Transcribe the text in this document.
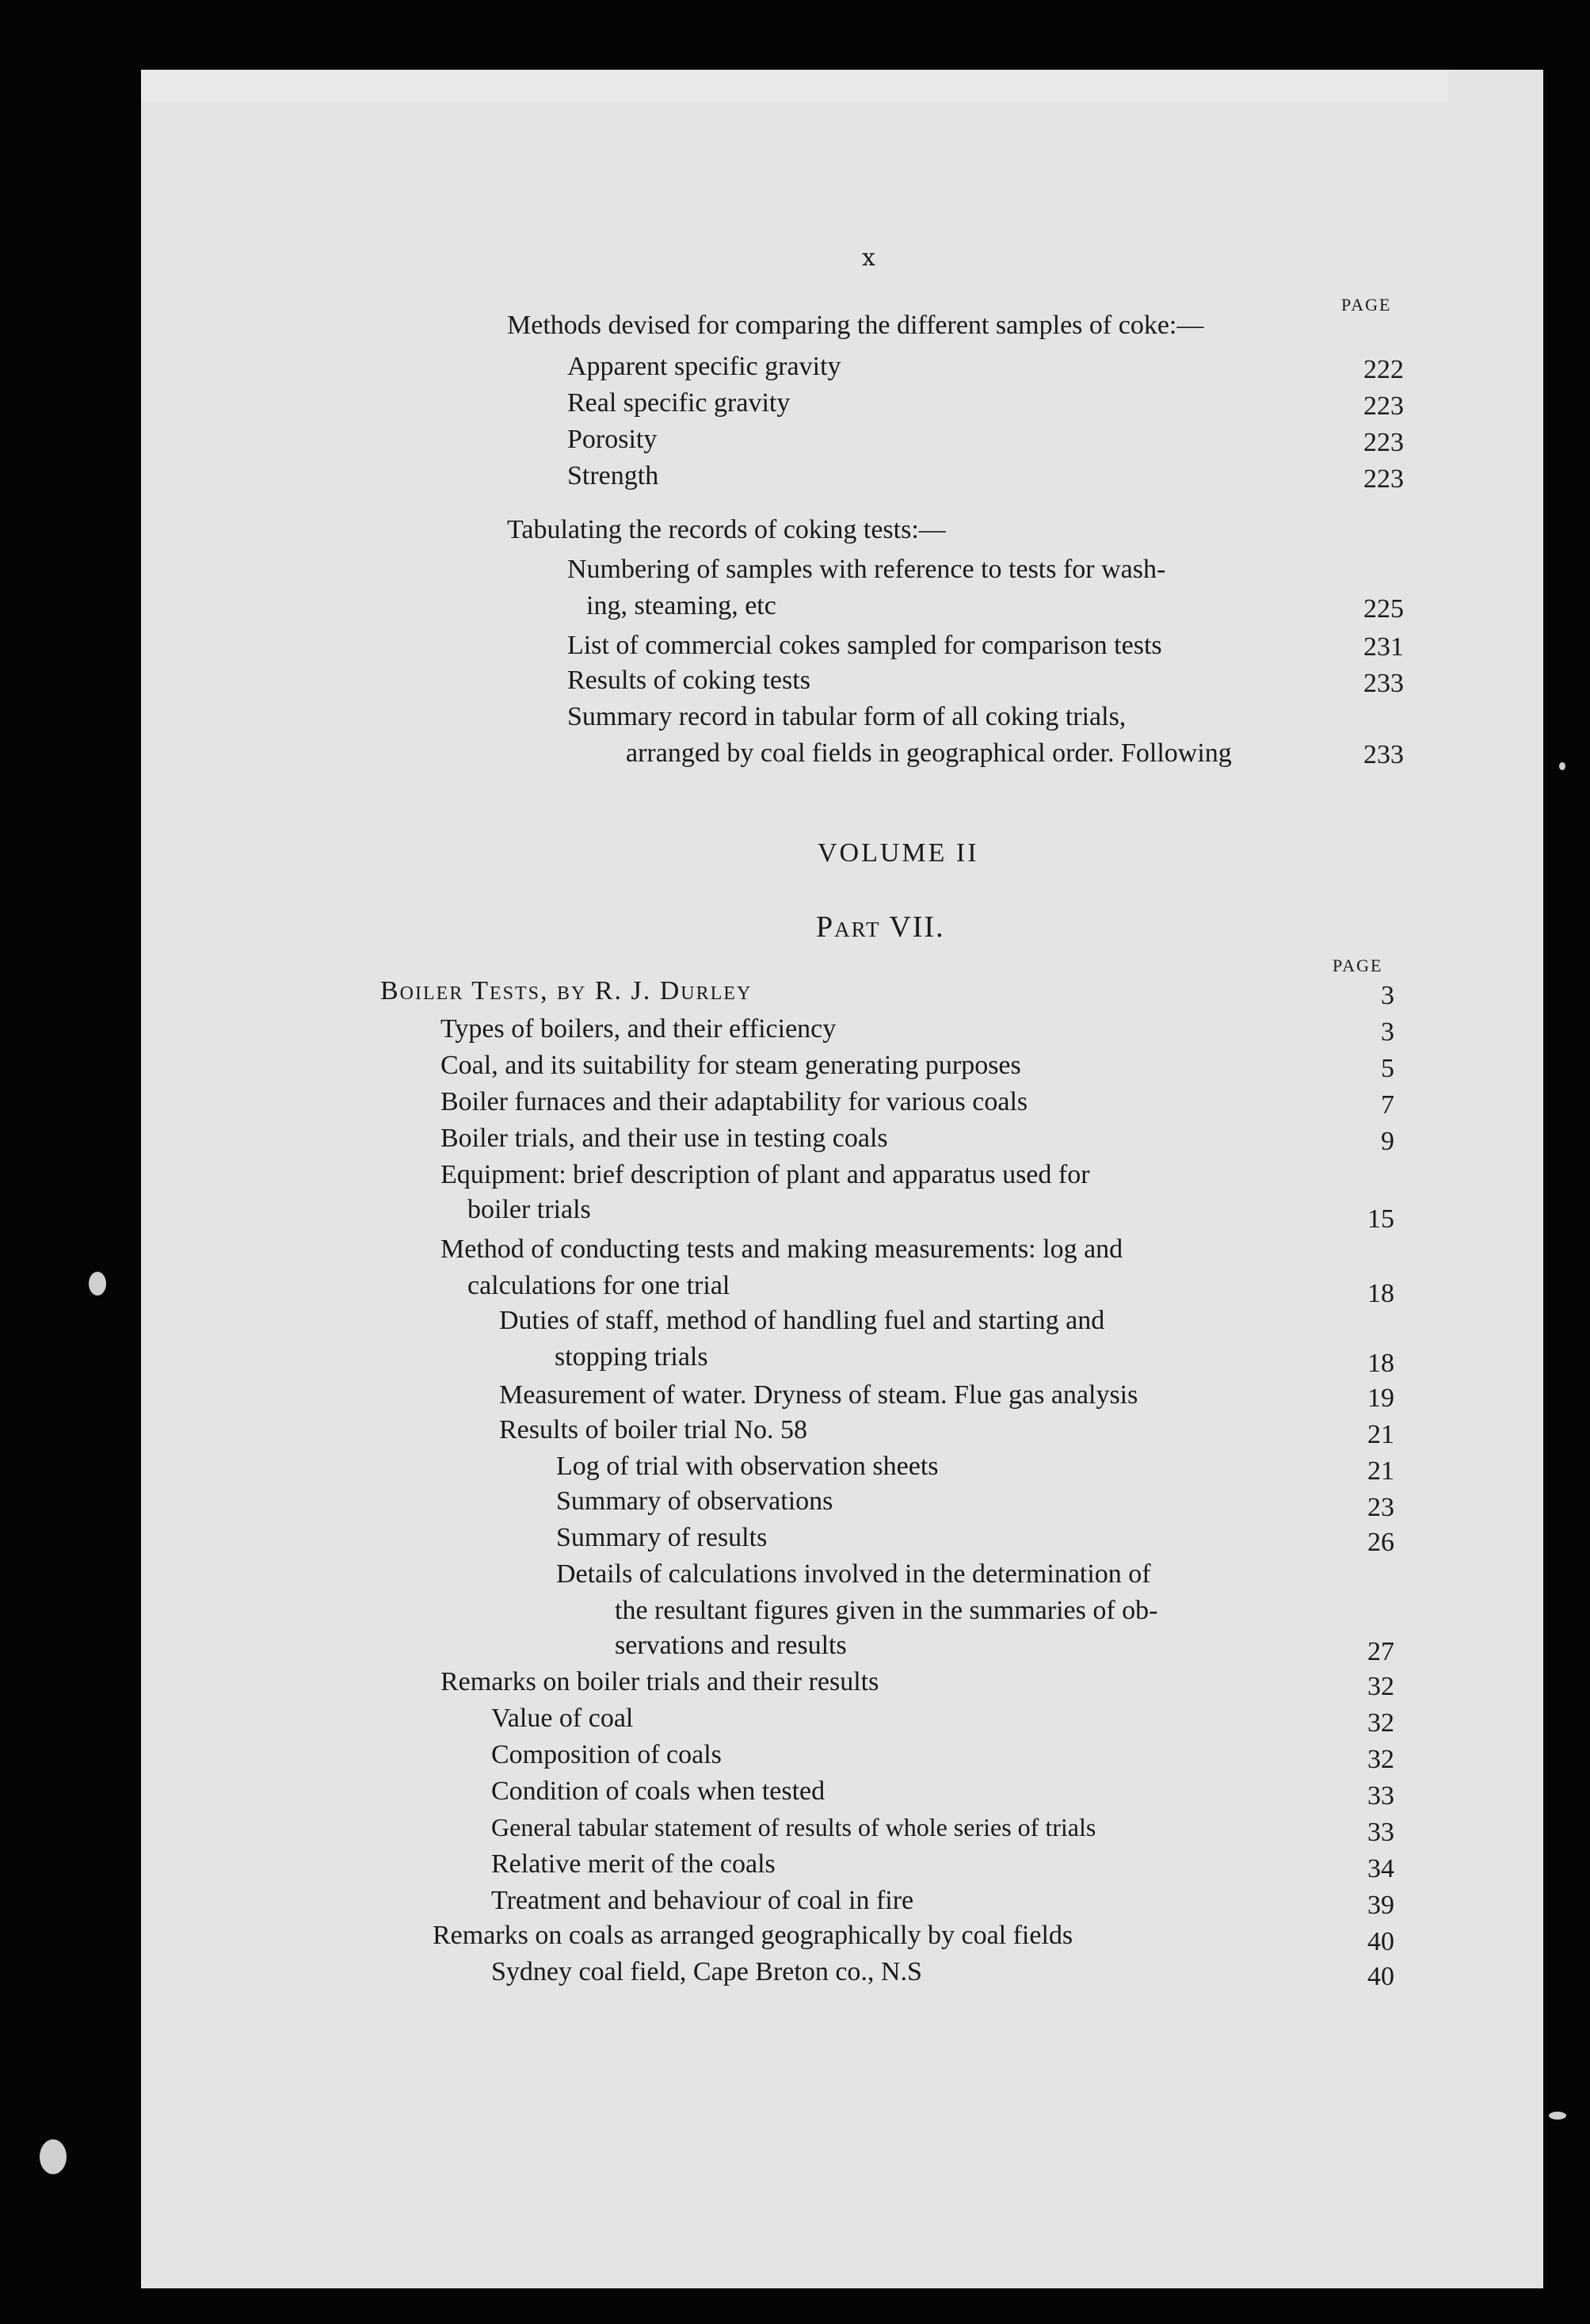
x
PAGE
Methods devised for comparing the different samples of coke:—
Apparent specific gravity	222
Real specific gravity	223
Porosity	223
Strength	223
Tabulating the records of coking tests:—
Numbering of samples with reference to tests for wash-
ing, steaming, etc	225
List of commercial cokes sampled for comparison tests	231
Results of coking tests	233
Summary record in tabular form of all coking trials,
arranged by coal fields in geographical order. Following	233
VOLUME II
Part VII.
PAGE
Boiler Tests, by R. J. Durley	3
Types of boilers, and their efficiency	3
Coal, and its suitability for steam generating purposes	5
Boiler furnaces and their adaptability for various coals	7
Boiler trials, and their use in testing coals	9
Equipment: brief description of plant and apparatus used for
boiler trials	15
Method of conducting tests and making measurements: log and
calculations for one trial	18
Duties of staff, method of handling fuel and starting and
stopping trials	18
Measurement of water. Dryness of steam. Flue gas analysis	19
Results of boiler trial No. 58	21
Log of trial with observation sheets	21
Summary of observations	23
Summary of results	26
Details of calculations involved in the determination of
the resultant figures given in the summaries of ob-
servations and results	27
Remarks on boiler trials and their results	32
Value of coal	32
Composition of coals	32
Condition of coals when tested	33
General tabular statement of results of whole series of trials	33
Relative merit of the coals	34
Treatment and behaviour of coal in fire	39
Remarks on coals as arranged geographically by coal fields	40
Sydney coal field, Cape Breton co., N.S	40
